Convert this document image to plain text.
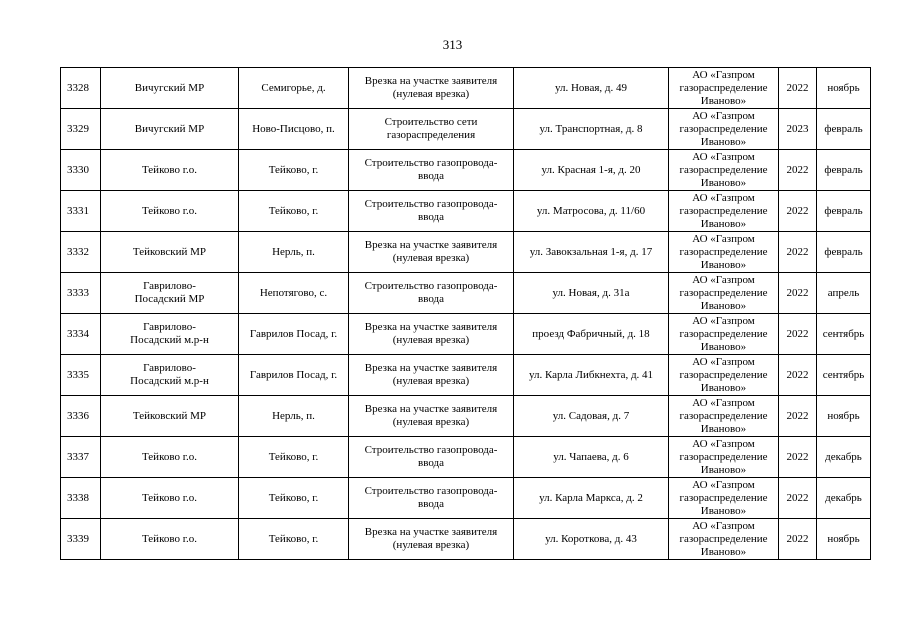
313
3328	Вичугский МР	Семигорье, д.	Врезка на участке заявителя
(нулевая врезка)	ул. Новая, д. 49	АО «Газпром
газораспределение
Иваново»	2022	ноябрь
3329	Вичугский МР	Ново-Писцово, п.	Строительство сети
газораспределения	ул. Транспортная, д. 8	АО «Газпром
газораспределение
Иваново»	2023	февраль
3330	Тейково г.о.	Тейково, г.	Строительство газопровода-
ввода	ул. Красная 1-я, д. 20	АО «Газпром
газораспределение
Иваново»	2022	февраль
3331	Тейково г.о.	Тейково, г.	Строительство газопровода-
ввода	ул. Матросова, д. 11/60	АО «Газпром
газораспределение
Иваново»	2022	февраль
3332	Тейковский МР	Нерль, п.	Врезка на участке заявителя
(нулевая врезка)	ул. Завокзальная 1-я, д. 17	АО «Газпром
газораспределение
Иваново»	2022	февраль
3333	Гаврилово-
Посадский МР	Непотягово, с.	Строительство газопровода-
ввода	ул. Новая, д. 31а	АО «Газпром
газораспределение
Иваново»	2022	апрель
3334	Гаврилово-
Посадский м.р-н	Гаврилов Посад, г.	Врезка на участке заявителя
(нулевая врезка)	проезд Фабричный, д. 18	АО «Газпром
газораспределение
Иваново»	2022	сентябрь
3335	Гаврилово-
Посадский м.р-н	Гаврилов Посад, г.	Врезка на участке заявителя
(нулевая врезка)	ул. Карла Либкнехта, д. 41	АО «Газпром
газораспределение
Иваново»	2022	сентябрь
3336	Тейковский МР	Нерль, п.	Врезка на участке заявителя
(нулевая врезка)	ул. Садовая, д. 7	АО «Газпром
газораспределение
Иваново»	2022	ноябрь
3337	Тейково г.о.	Тейково, г.	Строительство газопровода-
ввода	ул. Чапаева, д. 6	АО «Газпром
газораспределение
Иваново»	2022	декабрь
3338	Тейково г.о.	Тейково, г.	Строительство газопровода-
ввода	ул. Карла Маркса, д. 2	АО «Газпром
газораспределение
Иваново»	2022	декабрь
3339	Тейково г.о.	Тейково, г.	Врезка на участке заявителя
(нулевая врезка)	ул. Короткова, д. 43	АО «Газпром
газораспределение
Иваново»	2022	ноябрь
